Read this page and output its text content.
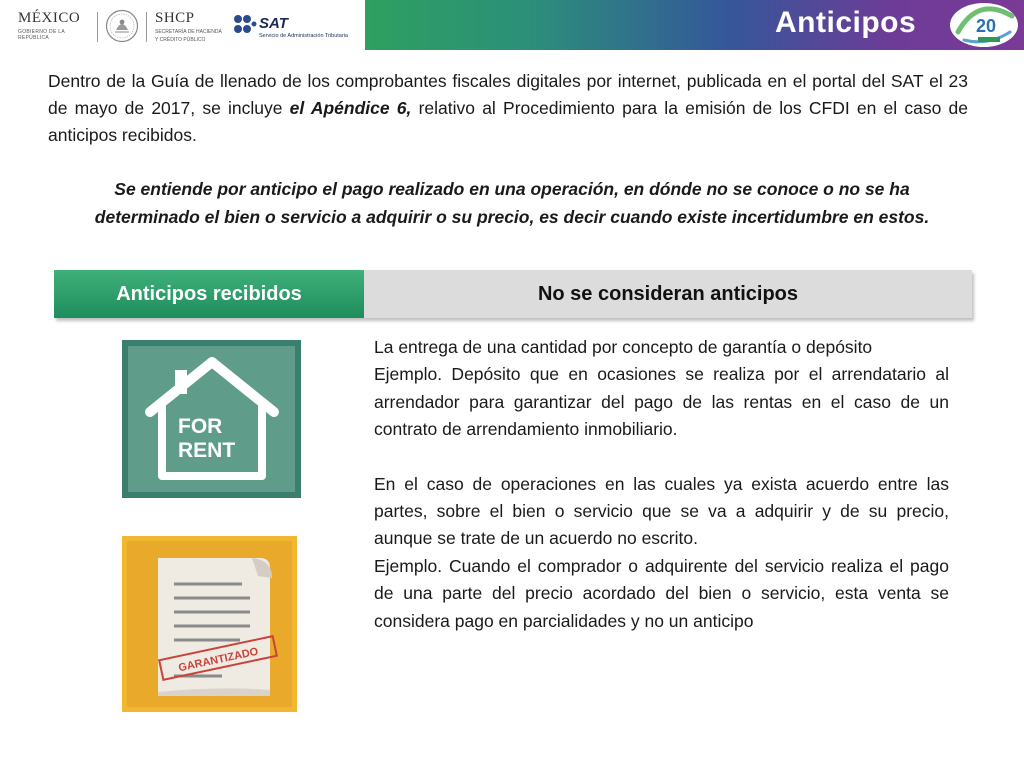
MÉXICO
GOBIERNO DE LA REPÚBLICA
SHCP
SECRETARÍA DE HACIENDA
Y CRÉDITO PÚBLICO
SAT
Servicio de Administración Tributaria	Anticipos	20

Dentro de la Guía de llenado de los comprobantes fiscales digitales por internet, publicada en el portal del SAT el 23 de mayo de 2017, se incluye el Apéndice 6, relativo al Procedimiento para la emisión de los CFDI en el caso de anticipos recibidos.

Se entiende por anticipo el pago realizado en una operación, en dónde no se conoce o no se ha determinado el bien o servicio a adquirir o su precio, es decir cuando existe incertidumbre en estos.

Anticipos recibidos	No se consideran anticipos
FOR
RENT
GARANTIZADO

La entrega de una cantidad por concepto de garantía o depósito

Ejemplo. Depósito que en ocasiones se realiza por el arrendatario al arrendador para garantizar del pago de las rentas en el caso de un contrato de arrendamiento inmobiliario.

En el caso de operaciones en las cuales ya exista acuerdo entre las partes, sobre el bien o servicio que se va a adquirir y de su precio, aunque se trate de un acuerdo no escrito.

Ejemplo. Cuando el comprador o adquirente del servicio realiza el pago de una parte del precio acordado del bien o servicio, esta venta se considera pago en parcialidades y no un anticipo
